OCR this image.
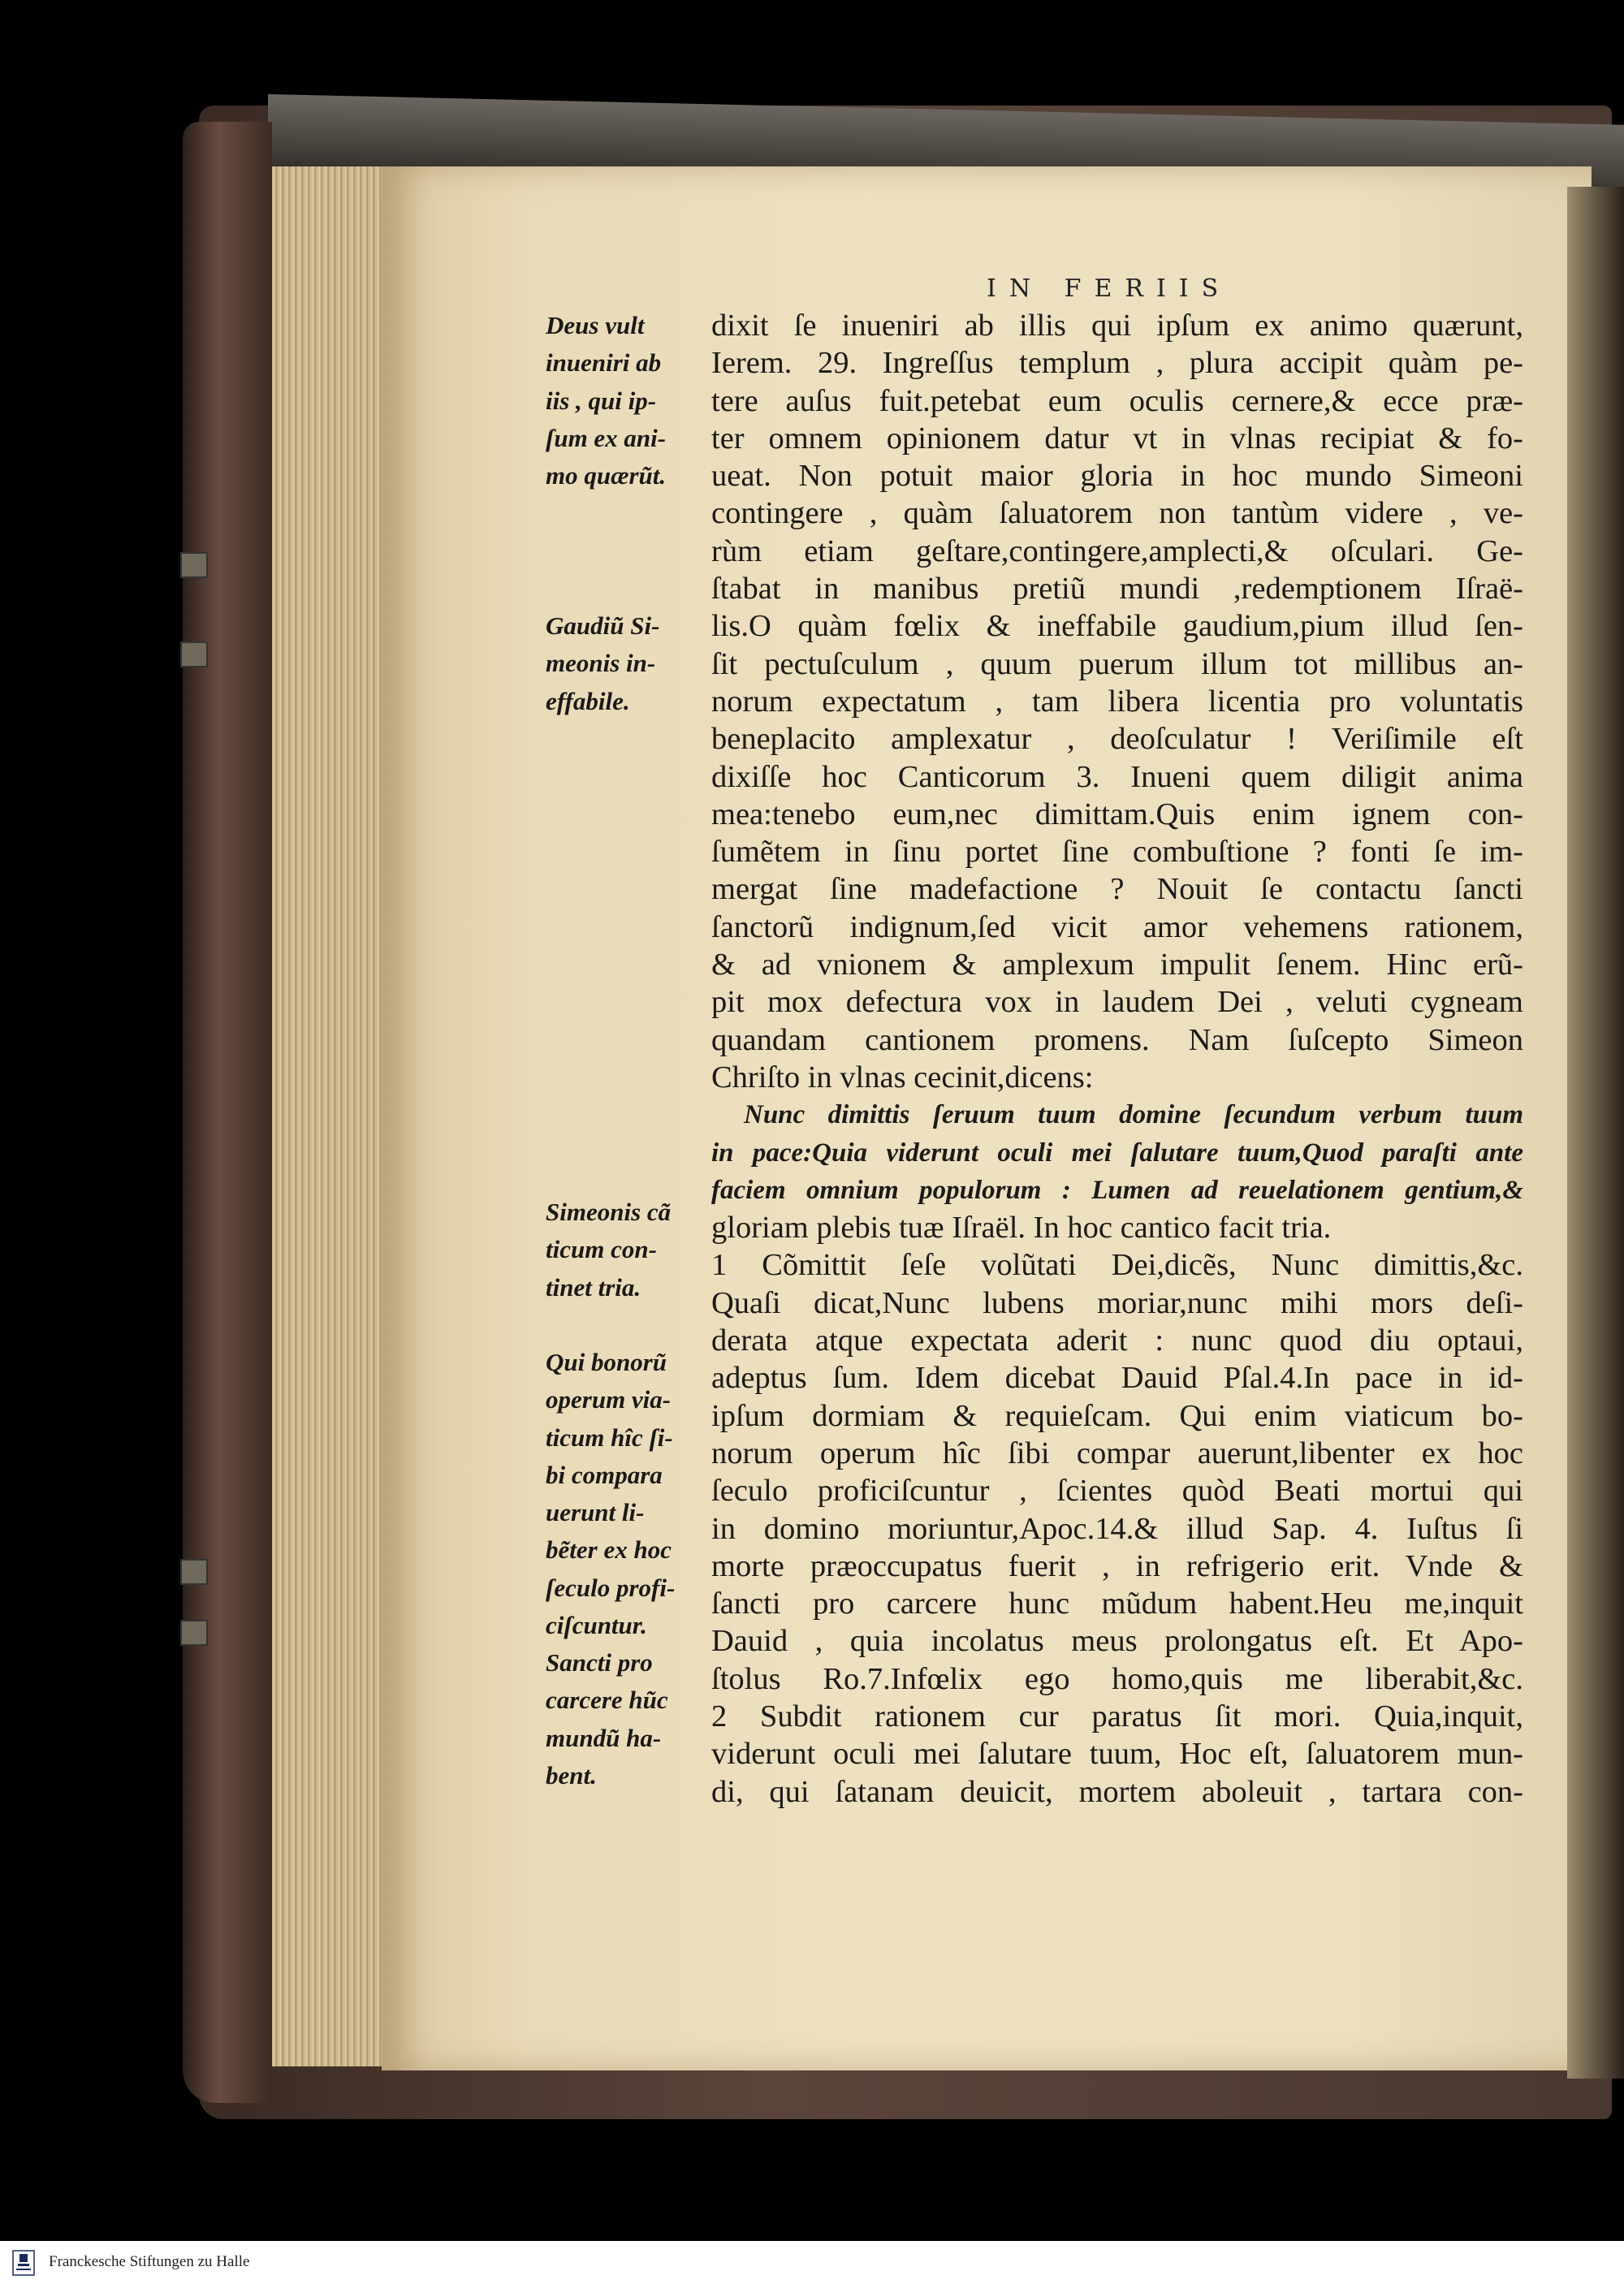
IN FERIIS
Deus vult
inueniri ab
iis , qui ip-
ſum ex ani-
mo quærũt.
Gaudiũ Si-
meonis in-
effabile.
Simeonis cã
ticum con-
tinet tria.
Qui bonorũ
operum via-
ticum hîc ſi-
bi compara
uerunt li-
bẽter ex hoc
ſeculo profi-
ciſcuntur.
Sancti pro
carcere hũc
mundũ ha-
bent.
dixit ſe inueniri ab illis qui ipſum ex animo quærunt,
Ierem. 29. Ingreſſus templum , plura accipit quàm pe-
tere auſus fuit.petebat eum oculis cernere,& ecce præ-
ter omnem opinionem datur vt in vlnas recipiat & fo-
ueat. Non potuit maior gloria in hoc mundo Simeoni
contingere , quàm ſaluatorem non tantùm videre , ve-
rùm etiam geſtare,contingere,amplecti,& oſculari. Ge-
ſtabat in manibus pretiũ mundi ,redemptionem Iſraë-
lis.O quàm fœlix & ineffabile gaudium,pium illud ſen-
ſit pectuſculum , quum puerum illum tot millibus an-
norum expectatum , tam libera licentia pro voluntatis
beneplacito amplexatur , deoſculatur ! Veriſimile eſt
dixiſſe hoc Canticorum 3. Inueni quem diligit anima
mea:tenebo eum,nec dimittam.Quis enim ignem con-
ſumẽtem in ſinu portet ſine combuſtione ? fonti ſe im-
mergat ſine madefactione ? Nouit ſe contactu ſancti
ſanctorũ indignum,ſed vicit amor vehemens rationem,
& ad vnionem & amplexum impulit ſenem. Hinc erũ-
pit mox defectura vox in laudem Dei , veluti cygneam
quandam cantionem promens. Nam ſuſcepto Simeon
Chriſto in vlnas cecinit,dicens:
Nunc dimittis ſeruum tuum domine ſecundum verbum tuum
in pace:Quia viderunt oculi mei ſalutare tuum,Quod paraſti ante
faciem omnium populorum : Lumen ad reuelationem gentium,&
gloriam plebis tuæ Iſraël. In hoc cantico facit tria.
1 Cõmittit ſeſe volũtati Dei,dicẽs, Nunc dimittis,&c.
Quaſi dicat,Nunc lubens moriar,nunc mihi mors deſi-
derata atque expectata aderit : nunc quod diu optaui,
adeptus ſum. Idem dicebat Dauid Pſal.4.In pace in id-
ipſum dormiam & requieſcam. Qui enim viaticum bo-
norum operum hîc ſibi compar auerunt,libenter ex hoc
ſeculo proficiſcuntur , ſcientes quòd Beati mortui qui
in domino moriuntur,Apoc.14.& illud Sap. 4. Iuſtus ſi
morte præoccupatus fuerit , in refrigerio erit. Vnde &
ſancti pro carcere hunc mũdum habent.Heu me,inquit
Dauid , quia incolatus meus prolongatus eſt. Et Apo-
ſtolus Ro.7.Infœlix ego homo,quis me liberabit,&c.
2 Subdit rationem cur paratus ſit mori. Quia,inquit,
viderunt oculi mei ſalutare tuum, Hoc eſt, ſaluatorem mun-
di, qui ſatanam deuicit, mortem aboleuit , tartara con-
Franckesche Stiftungen zu Halle
